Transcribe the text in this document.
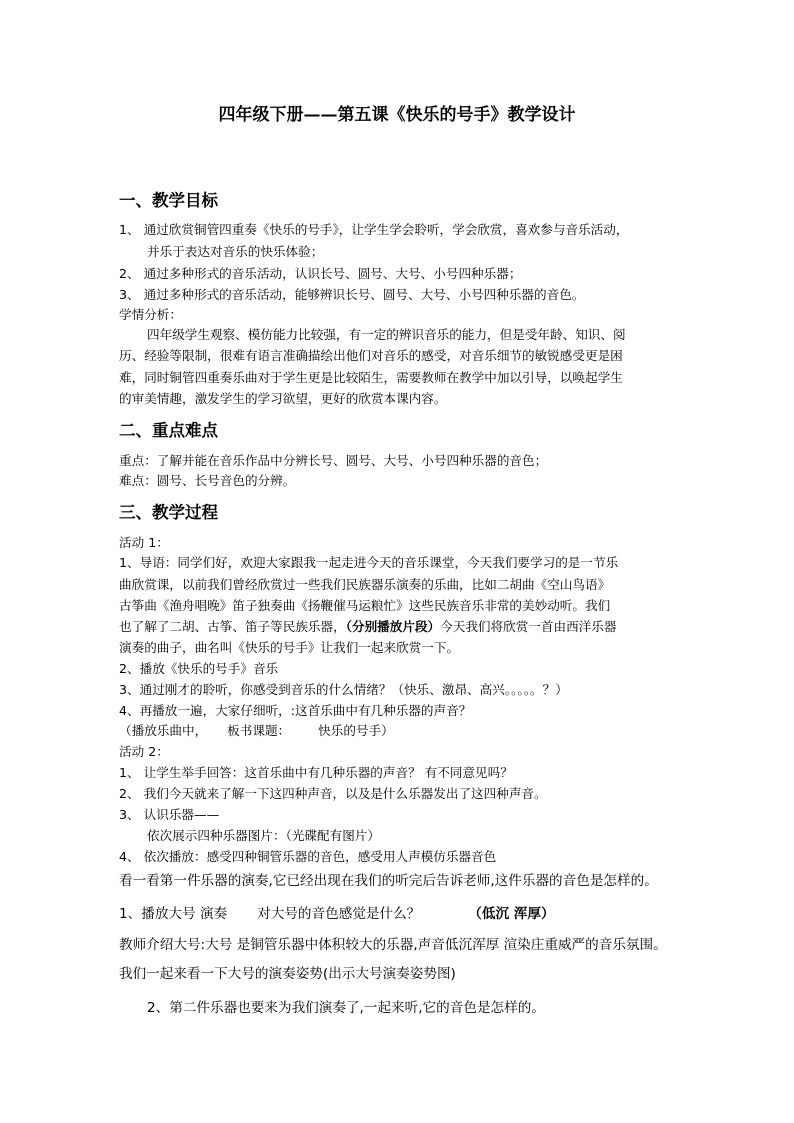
四年级下册——第五课《快乐的号手》教学设计
一、教学目标
1、 通过欣赏铜管四重奏《快乐的号手》，让学生学会聆听，学会欣赏，喜欢参与音乐活动，
并乐于表达对音乐的快乐体验；
2、 通过多种形式的音乐活动，认识长号、圆号、大号、小号四种乐器；
3、 通过多种形式的音乐活动，能够辨识长号、圆号、大号、小号四种乐器的音色。
学情分析：
四年级学生观察、模仿能力比较强，有一定的辨识音乐的能力，但是受年龄、知识、阅
历、经验等限制，很难有语言准确描绘出他们对音乐的感受，对音乐细节的敏锐感受更是困
难，同时铜管四重奏乐曲对于学生更是比较陌生，需要教师在教学中加以引导，以唤起学生
的审美情趣，激发学生的学习欲望，更好的欣赏本课内容。
二、重点难点
重点：了解并能在音乐作品中分辨长号、圆号、大号、小号四种乐器的音色；
难点：圆号、长号音色的分辨。
三、教学过程
活动 1：
1、导语：同学们好，欢迎大家跟我一起走进今天的音乐课堂，今天我们要学习的是一节乐
曲欣赏课，以前我们曾经欣赏过一些我们民族器乐演奏的乐曲，比如二胡曲《空山鸟语》
古筝曲《渔舟唱晚》笛子独奏曲《扬鞭催马运粮忙》这些民族音乐非常的美妙动听。我们
也了解了二胡、古筝、笛子等民族乐器，（分别播放片段）今天我们将欣赏一首由西洋乐器
演奏的曲子，曲名叫《快乐的号手》让我们一起来欣赏一下。
2、播放《快乐的号手》音乐
3、通过刚才的聆听，你感受到音乐的什么情绪？（快乐、激昂、高兴。。。。。？）
4、再播放一遍，大家仔细听，:这首乐曲中有几种乐器的声音？
（播放乐曲中， 板书课题： 快乐的号手）
活动 2：
1、 让学生举手回答：这首乐曲中有几种乐器的声音？ 有不同意见吗？
2、 我们今天就来了解一下这四种声音，以及是什么乐器发出了这四种声音。
3、 认识乐器——
依次展示四种乐器图片：（光碟配有图片）
4、 依次播放：感受四种铜管乐器的音色，感受用人声模仿乐器音色
看一看第一件乐器的演奏,它已经出现在我们的听完后告诉老师,这件乐器的音色是怎样的。
1、播放大号 演奏 对大号的音色感觉是什么？	（低沉 浑厚）
教师介绍大号:大号 是铜管乐器中体积较大的乐器,声音低沉浑厚 渲染庄重威严的音乐氛围。
我们一起来看一下大号的演奏姿势(出示大号演奏姿势图)
2、第二件乐器也要来为我们演奏了,一起来听,它的音色是怎样的。
